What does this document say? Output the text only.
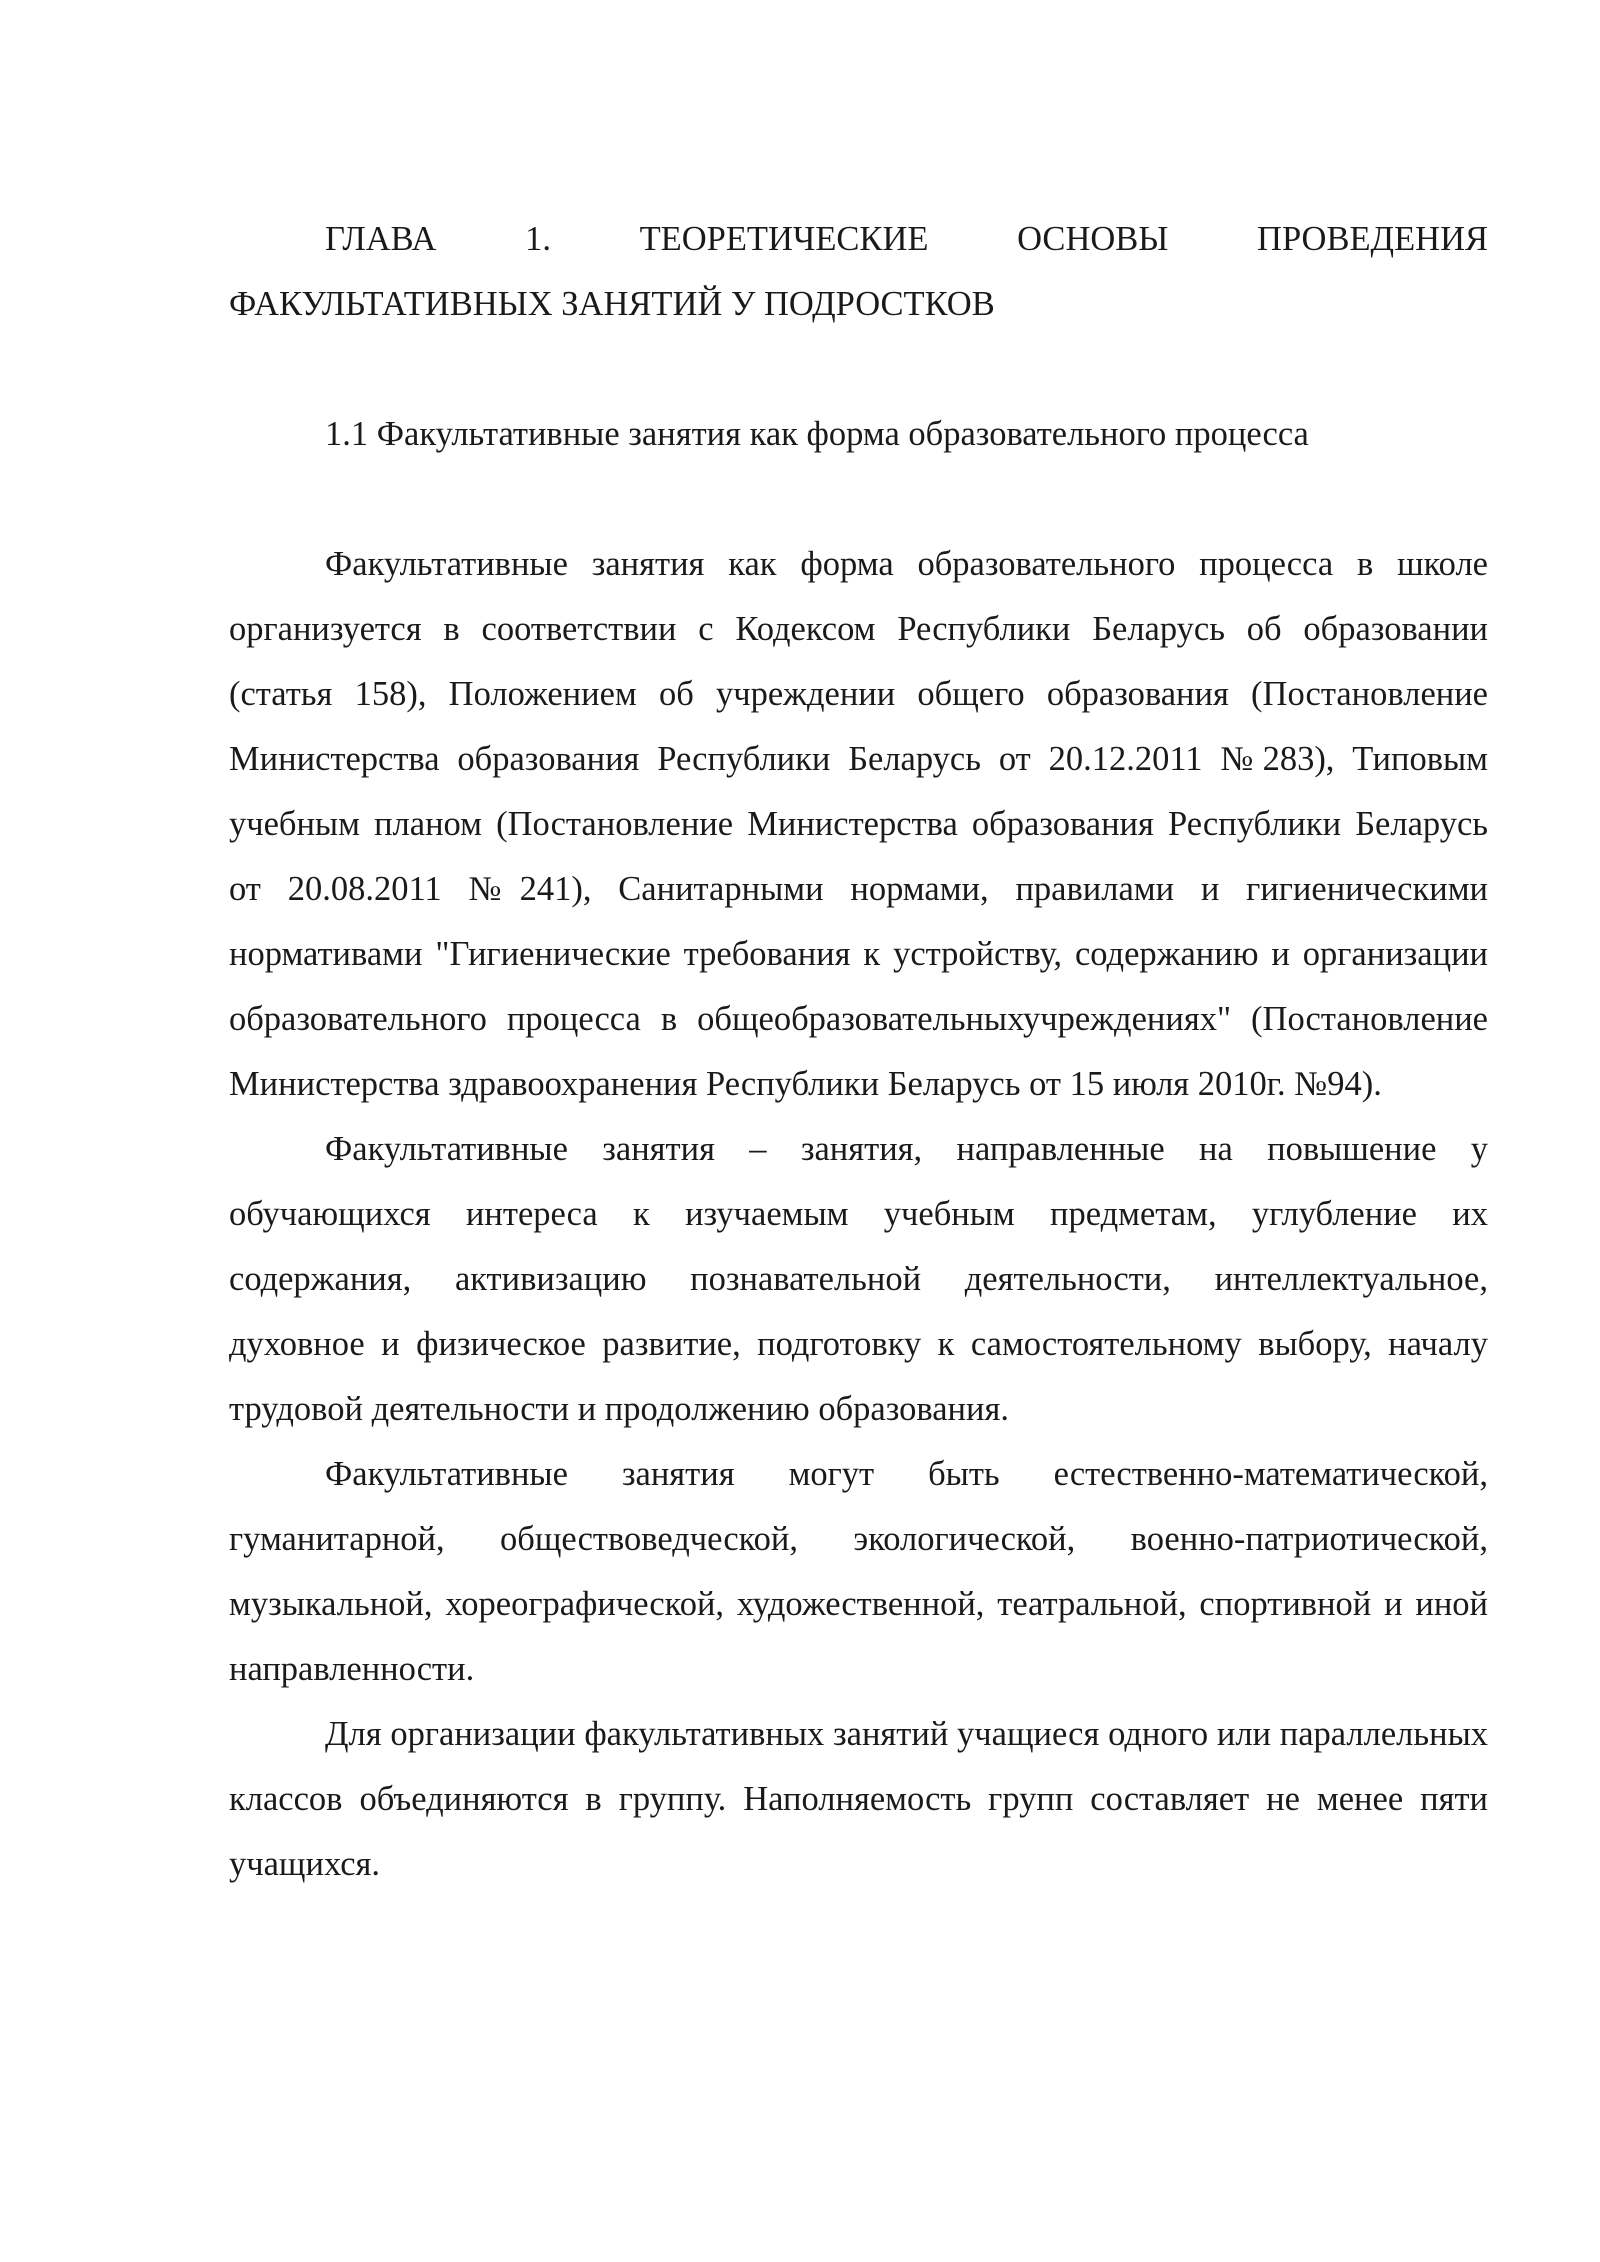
ГЛАВА 1. ТЕОРЕТИЧЕСКИЕ ОСНОВЫ ПРОВЕДЕНИЯ ФАКУЛЬТАТИВНЫХ ЗАНЯТИЙ У ПОДРОСТКОВ
1.1 Факультативные занятия как форма образовательного процесса

Факультативные занятия как форма образовательного процесса в школе организуется в соответствии с Кодексом Республики Беларусь об образовании (статья 158), Положением об учреждении общего образования (Постановление Министерства образования Республики Беларусь от 20.12.2011 №283), Типовым учебным планом (Постановление Министерства образования Республики Беларусь от 20.08.2011 №241), Санитарными нормами, правилами и гигиеническими нормативами "Гигиенические требования к устройству, содержанию и организации образовательного процесса в общеобразовательныхучреждениях" (Постановление Министерства здравоохранения Республики Беларусь от 15 июля 2010г. №94).

Факультативные занятия – занятия, направленные на повышение у обучающихся интереса к изучаемым учебным предметам, углубление их содержания, активизацию познавательной деятельности, интеллектуальное, духовное и физическое развитие, подготовку к самостоятельному выбору, началу трудовой деятельности и продолжению образования.

Факультативные занятия могут быть естественно-математической, гуманитарной, обществоведческой, экологической, военно-патриотической, музыкальной, хореографической, художественной, театральной, спортивной и иной направленности.

Для организации факультативных занятий учащиеся одного или параллельных классов объединяются в группу. Наполняемость групп составляет не менее пяти учащихся.
